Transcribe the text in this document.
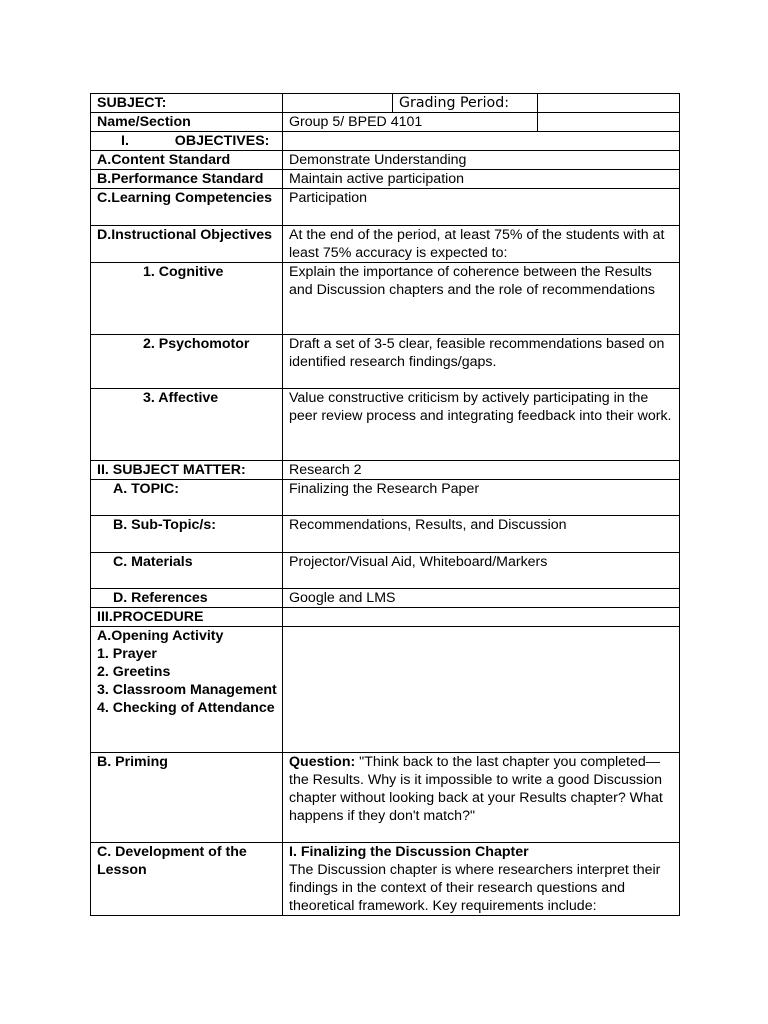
SUBJECT:		Grading Period:	
Name/Section	Group 5/ BPED 4101		
I. OBJECTIVES:			
A.Content Standard	Demonstrate Understanding		
B.Performance Standard	Maintain active participation		
C.Learning Competencies	Participation		
D.Instructional Objectives	At the end of the period, at least 75% of the students with at least 75% accuracy is expected to:		
1. Cognitive	Explain the importance of coherence between the Results and Discussion chapters and the role of recommendations		
2. Psychomotor	Draft a set of 3-5 clear, feasible recommendations based on identified research findings/gaps.		
3. Affective	Value constructive criticism by actively participating in the peer review process and integrating feedback into their work.		
II. SUBJECT MATTER:	Research 2		
A. TOPIC:	Finalizing the Research Paper		
B. Sub-Topic/s:	Recommendations, Results, and Discussion		
C. Materials	Projector/Visual Aid, Whiteboard/Markers		
D. References	Google and LMS		
III.PROCEDURE			

A.Opening Activity
1. Prayer
2. Greetins
3. Classroom Management
4. Checking of Attendance			

B. Priming	Question: "Think back to the last chapter you completed—the Results. Why is it impossible to write a good Discussion chapter without looking back at your Results chapter? What happens if they don't match?"		
C. Development of the Lesson	I. Finalizing the Discussion Chapter
The Discussion chapter is where researchers interpret their findings in the context of their research questions and theoretical framework. Key requirements include:		
